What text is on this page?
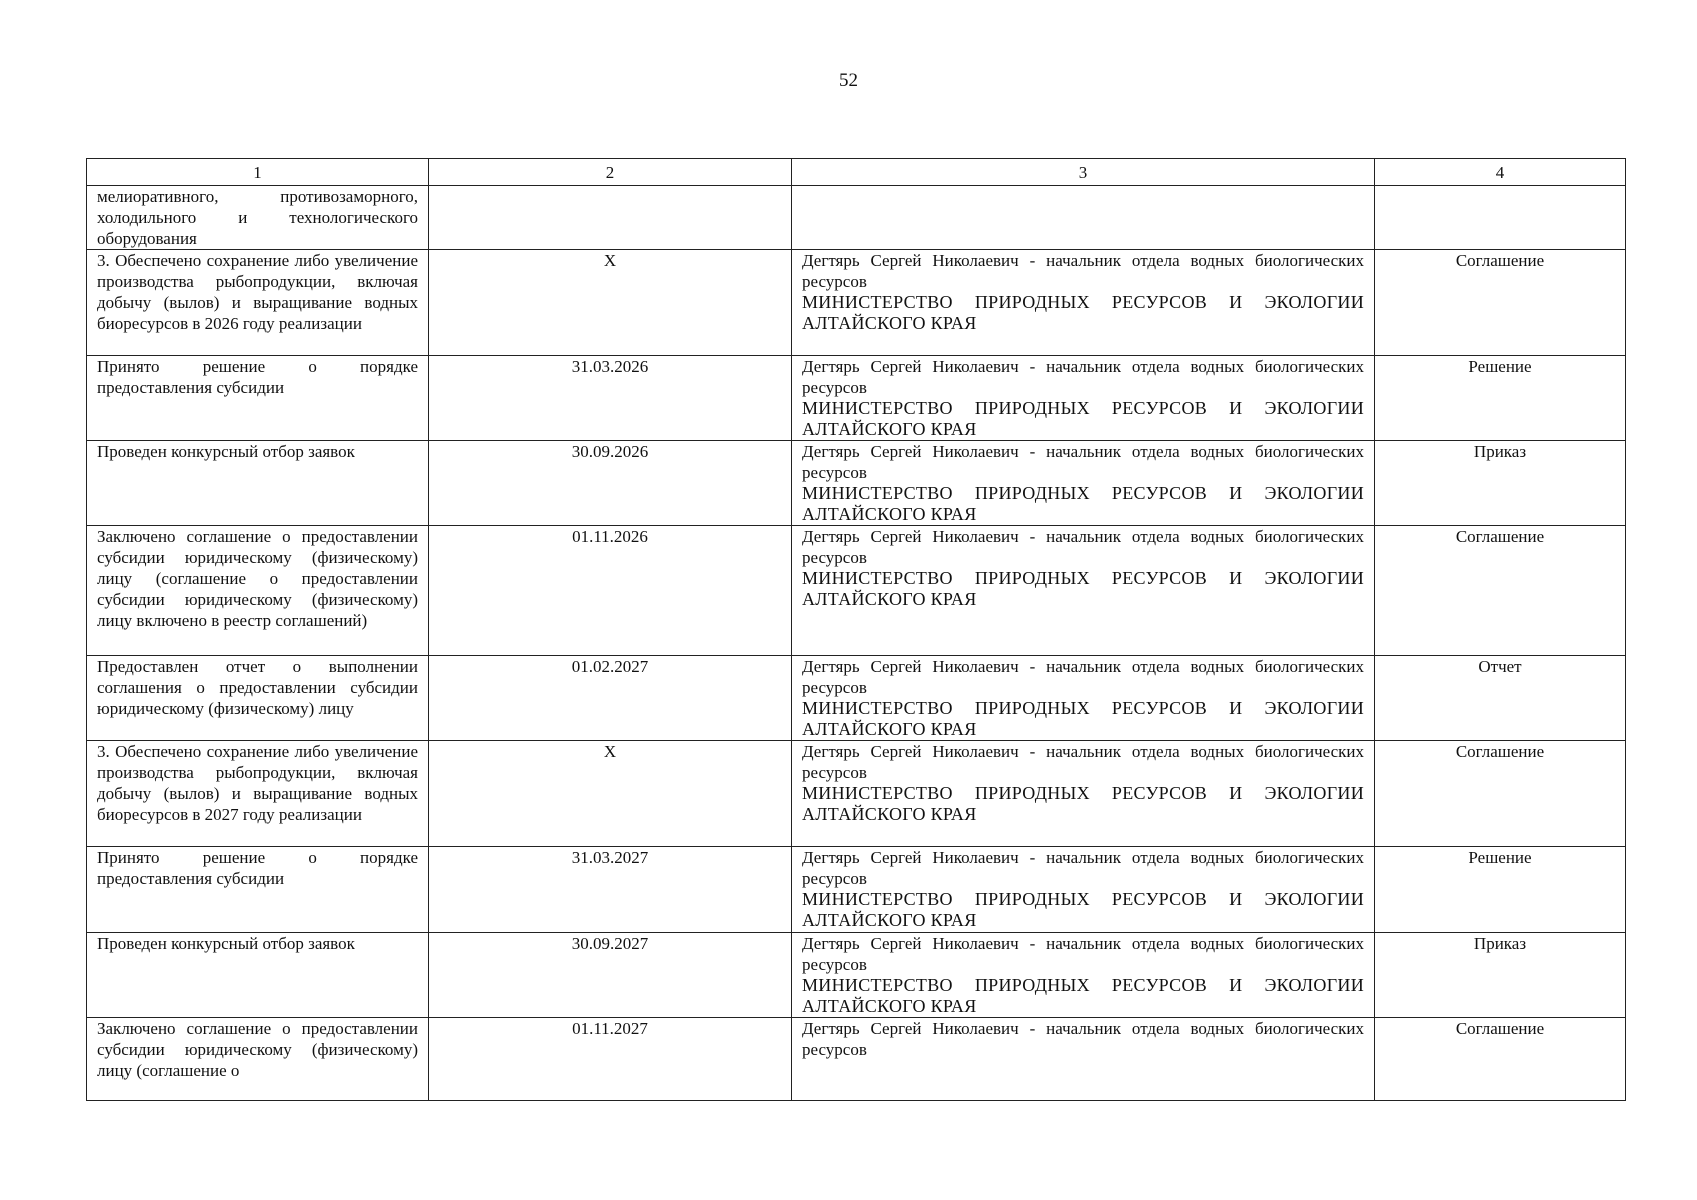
52
1	2	3	4
мелиоративного, противозаморного, холодильного и технологического оборудования		

3. Обеспечено сохранение либо увеличение производства рыбопродукции, включая добычу (вылов) и выращивание водных биоресурсов в 2026 году реализации	X	Дегтярь Сергей Николаевич - начальник отдела водных биологических ресурсов
МИНИСТЕРСТВО ПРИРОДНЫХ РЕСУРСОВ И ЭКОЛОГИИ АЛТАЙСКОГО КРАЯ	Соглашение
Принято решение о порядке предоставления субсидии	31.03.2026	Дегтярь Сергей Николаевич - начальник отдела водных биологических ресурсов
МИНИСТЕРСТВО ПРИРОДНЫХ РЕСУРСОВ И ЭКОЛОГИИ АЛТАЙСКОГО КРАЯ	Решение
Проведен конкурсный отбор заявок	30.09.2026	Дегтярь Сергей Николаевич - начальник отдела водных биологических ресурсов
МИНИСТЕРСТВО ПРИРОДНЫХ РЕСУРСОВ И ЭКОЛОГИИ АЛТАЙСКОГО КРАЯ	Приказ
Заключено соглашение о предоставлении субсидии юридическому (физическому) лицу (соглашение о предоставлении субсидии юридическому (физическому) лицу включено в реестр соглашений)	01.11.2026	Дегтярь Сергей Николаевич - начальник отдела водных биологических ресурсов
МИНИСТЕРСТВО ПРИРОДНЫХ РЕСУРСОВ И ЭКОЛОГИИ АЛТАЙСКОГО КРАЯ	Соглашение
Предоставлен отчет о выполнении соглашения о предоставлении субсидии юридическому (физическому) лицу	01.02.2027	Дегтярь Сергей Николаевич - начальник отдела водных биологических ресурсов
МИНИСТЕРСТВО ПРИРОДНЫХ РЕСУРСОВ И ЭКОЛОГИИ АЛТАЙСКОГО КРАЯ	Отчет
3. Обеспечено сохранение либо увеличение производства рыбопродукции, включая добычу (вылов) и выращивание водных биоресурсов в 2027 году реализации	X	Дегтярь Сергей Николаевич - начальник отдела водных биологических ресурсов
МИНИСТЕРСТВО ПРИРОДНЫХ РЕСУРСОВ И ЭКОЛОГИИ АЛТАЙСКОГО КРАЯ	Соглашение
Принято решение о порядке предоставления субсидии	31.03.2027	Дегтярь Сергей Николаевич - начальник отдела водных биологических ресурсов
МИНИСТЕРСТВО ПРИРОДНЫХ РЕСУРСОВ И ЭКОЛОГИИ АЛТАЙСКОГО КРАЯ	Решение
Проведен конкурсный отбор заявок	30.09.2027	Дегтярь Сергей Николаевич - начальник отдела водных биологических ресурсов
МИНИСТЕРСТВО ПРИРОДНЫХ РЕСУРСОВ И ЭКОЛОГИИ АЛТАЙСКОГО КРАЯ	Приказ
Заключено соглашение о предоставлении субсидии юридическому (физическому) лицу (соглашение о	01.11.2027	Дегтярь Сергей Николаевич - начальник отдела водных биологических ресурсов	Соглашение
